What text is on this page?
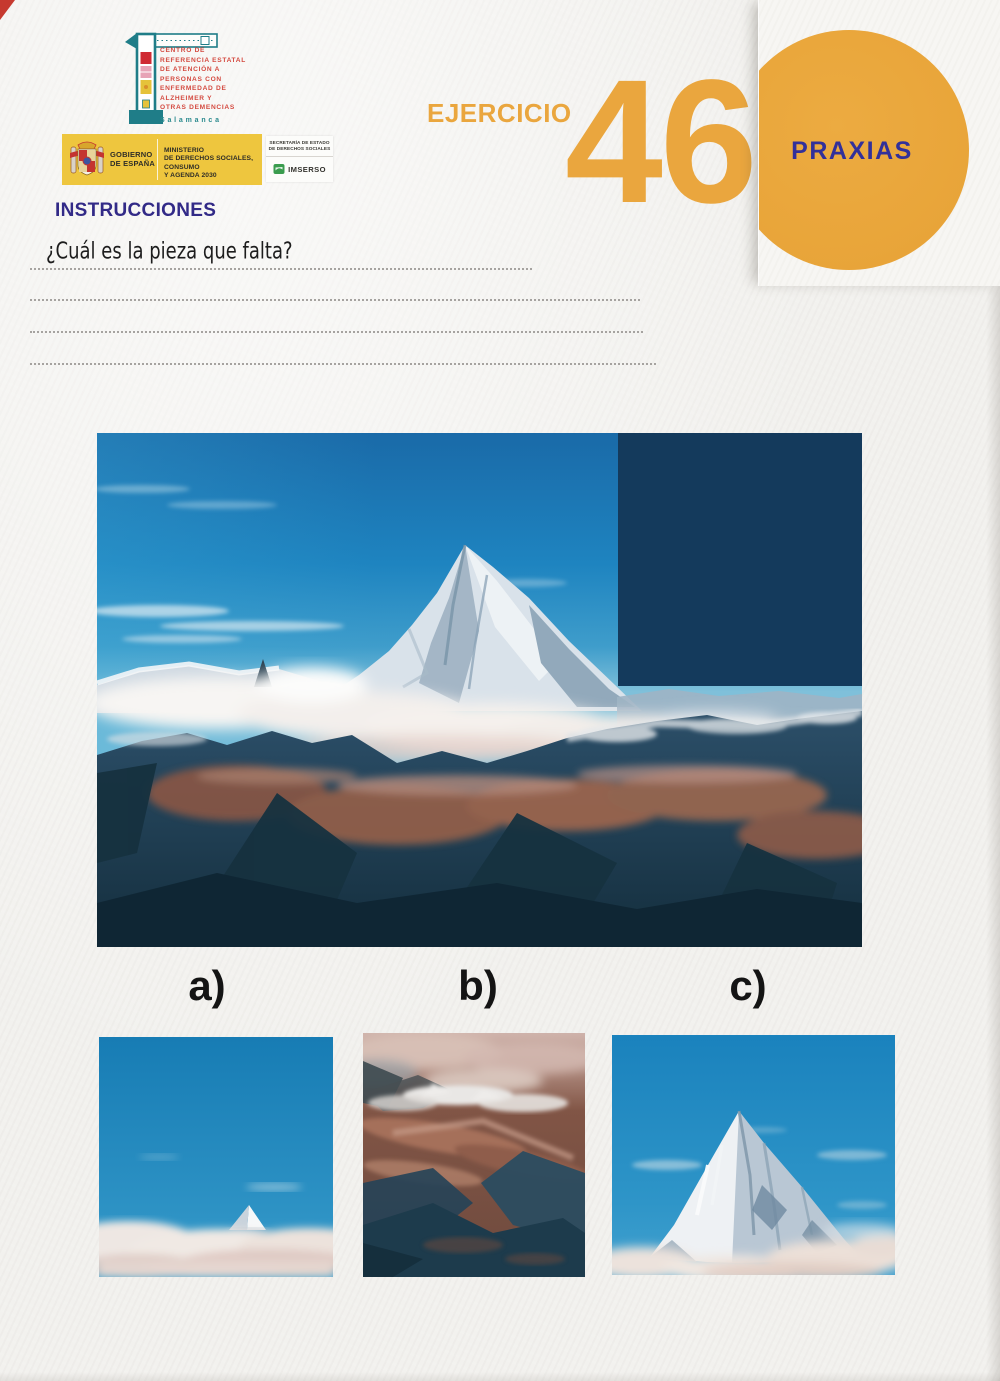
CENTRO DE
REFERENCIA ESTATAL
DE ATENCIÓN A
PERSONAS CON
ENFERMEDAD DE
ALZHEIMER Y
OTRAS DEMENCIAS
Salamanca
GOBIERNO
DE ESPAÑA
MINISTERIO
DE DERECHOS SOCIALES, CONSUMO
Y AGENDA 2030
SECRETARÍA DE ESTADO
DE DERECHOS SOCIALES
IMSERSO
EJERCICIO
46	PRAXIAS
INSTRUCCIONES
¿Cuál es la pieza que falta?
a)	b)	c)
